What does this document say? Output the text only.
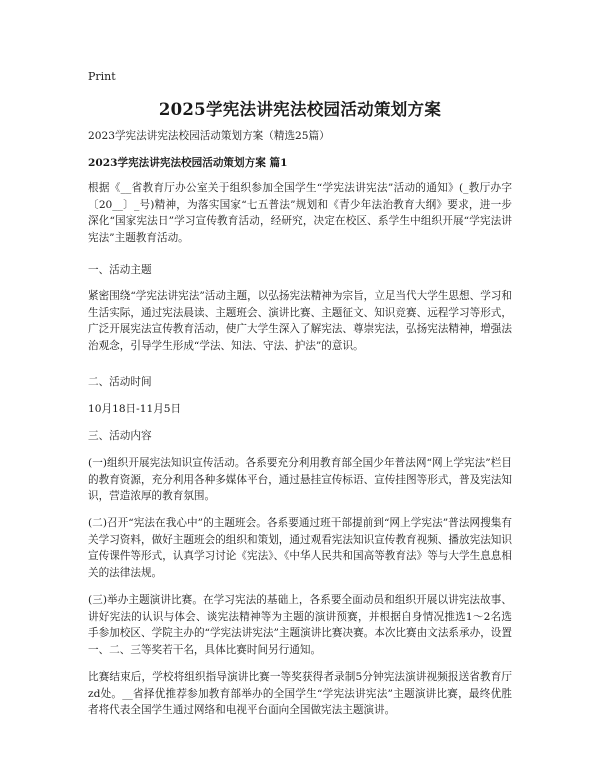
Print
2025学宪法讲宪法校园活动策划方案

2023学宪法讲宪法校园活动策划方案（精选25篇）

2023学宪法讲宪法校园活动策划方案 篇1

根据《__省教育厅办公室关于组织参加全国学生“学宪法讲宪法”活动的通知》(_教厅办字〔20__〕_号)精神，为落实国家“七五普法”规划和《青少年法治教育大纲》要求，进一步深化“国家宪法日”学习宣传教育活动，经研究，决定在校区、系学生中组织开展“学宪法讲宪法”主题教育活动。

一、活动主题

紧密围绕“学宪法讲宪法”活动主题，以弘扬宪法精神为宗旨，立足当代大学生思想、学习和生活实际，通过宪法晨读、主题班会、演讲比赛、主题征文、知识竞赛、远程学习等形式，广泛开展宪法宣传教育活动，使广大学生深入了解宪法、尊崇宪法，弘扬宪法精神，增强法治观念，引导学生形成“学法、知法、守法、护法”的意识。

二、活动时间

10月18日-11月5日

三、活动内容

(一)组织开展宪法知识宣传活动。各系要充分利用教育部全国少年普法网“网上学宪法”栏目的教育资源，充分利用各种多媒体平台，通过悬挂宣传标语、宣传挂图等形式，普及宪法知识，营造浓厚的教育氛围。

(二)召开“宪法在我心中”的主题班会。各系要通过班干部提前到“网上学宪法”普法网搜集有关学习资料，做好主题班会的组织和策划，通过观看宪法知识宣传教育视频、播放宪法知识宣传课件等形式，认真学习讨论《宪法》、《中华人民共和国高等教育法》等与大学生息息相关的法律法规。

(三)举办主题演讲比赛。在学习宪法的基础上，各系要全面动员和组织开展以讲宪法故事、讲好宪法的认识与体会、谈宪法精神等为主题的演讲预赛，并根据自身情况推选1～2名选手参加校区、学院主办的“学宪法讲宪法”主题演讲比赛决赛。本次比赛由文法系承办，设置一、二、三等奖若干名，具体比赛时间另行通知。

比赛结束后，学校将组织指导演讲比赛一等奖获得者录制5分钟宪法演讲视频报送省教育厅zd处。__省择优推荐参加教育部举办的全国学生“学宪法讲宪法”主题演讲比赛，最终优胜者将代表全国学生通过网络和电视平台面向全国做宪法主题演讲。
